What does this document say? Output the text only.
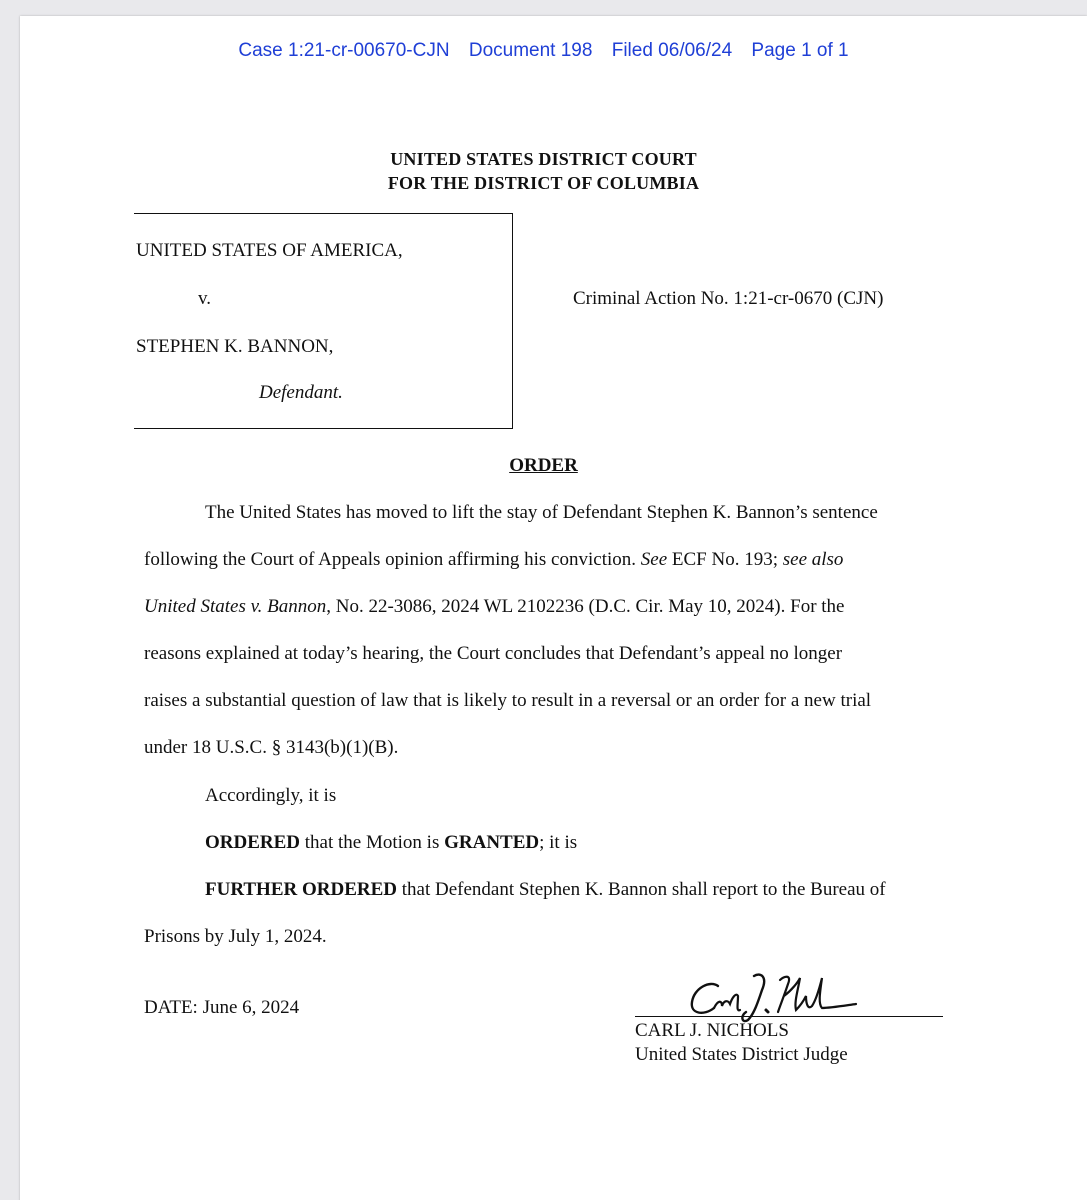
Case 1:21-cr-00670-CJN Document 198 Filed 06/06/24 Page 1 of 1
UNITED STATES DISTRICT COURT
FOR THE DISTRICT OF COLUMBIA
UNITED STATES OF AMERICA,
v.
STEPHEN K. BANNON,
Defendant.
Criminal Action No. 1:21-cr-0670 (CJN)
ORDER
The United States has moved to lift the stay of Defendant Stephen K. Bannon’s sentence
following the Court of Appeals opinion affirming his conviction. See ECF No. 193; see also
United States v. Bannon, No. 22-3086, 2024 WL 2102236 (D.C. Cir. May 10, 2024). For the
reasons explained at today’s hearing, the Court concludes that Defendant’s appeal no longer
raises a substantial question of law that is likely to result in a reversal or an order for a new trial
under 18 U.S.C. § 3143(b)(1)(B).
Accordingly, it is
ORDERED that the Motion is GRANTED; it is
FURTHER ORDERED that Defendant Stephen K. Bannon shall report to the Bureau of
Prisons by July 1, 2024.
DATE: June 6, 2024
CARL J. NICHOLS
United States District Judge
